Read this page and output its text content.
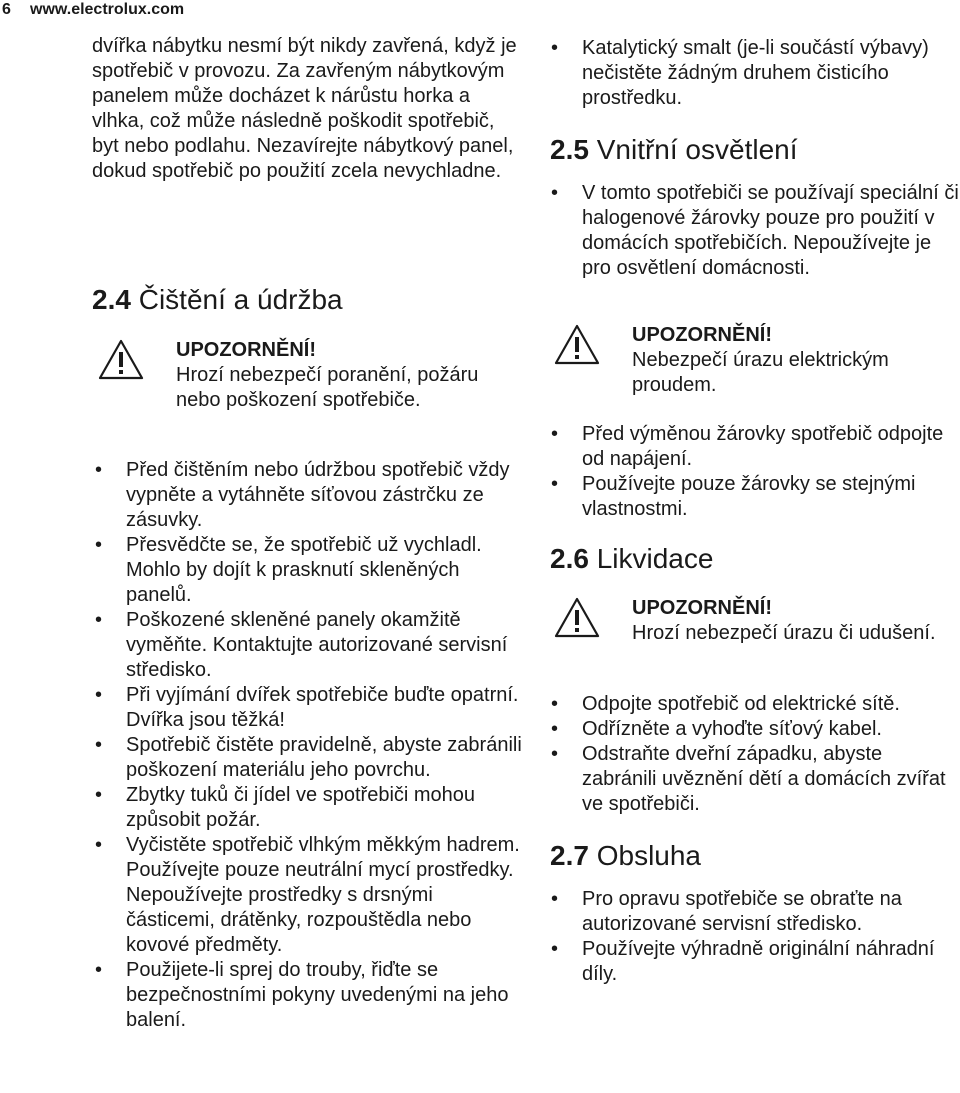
6 www.electrolux.com

dvířka nábytku nesmí být nikdy zavřená, když je spotřebič v provozu. Za zavřeným nábytkovým panelem může docházet k nárůstu horka a vlhka, což může následně poškodit spotřebič, byt nebo podlahu. Nezavírejte nábytkový panel, dokud spotřebič po použití zcela nevychladne.

2.4 Čištění a údržba
UPOZORNĚNÍ!
Hrozí nebezpečí poranění, požáru nebo poškození spotřebiče.
• Před čištěním nebo údržbou spotřebič vždy vypněte a vytáhněte síťovou zástrčku ze zásuvky.
• Přesvědčte se, že spotřebič už vychladl. Mohlo by dojít k prasknutí skleněných panelů.
• Poškozené skleněné panely okamžitě vyměňte. Kontaktujte autorizované servisní středisko.
• Při vyjímání dvířek spotřebiče buďte opatrní. Dvířka jsou těžká!
• Spotřebič čistěte pravidelně, abyste zabránili poškození materiálu jeho povrchu.
• Zbytky tuků či jídel ve spotřebiči mohou způsobit požár.
• Vyčistěte spotřebič vlhkým měkkým hadrem. Používejte pouze neutrální mycí prostředky. Nepoužívejte prostředky s drsnými částicemi, drátěnky, rozpouštědla nebo kovové předměty.
• Použijete-li sprej do trouby, řiďte se bezpečnostními pokyny uvedenými na jeho balení.
• Katalytický smalt (je-li součástí výbavy) nečistěte žádným druhem čisticího prostředku.
2.5 Vnitřní osvětlení
• V tomto spotřebiči se používají speciální či halogenové žárovky pouze pro použití v domácích spotřebičích. Nepoužívejte je pro osvětlení domácnosti.
UPOZORNĚNÍ!
Nebezpečí úrazu elektrickým proudem.
• Před výměnou žárovky spotřebič odpojte od napájení.
• Používejte pouze žárovky se stejnými vlastnostmi.
2.6 Likvidace
UPOZORNĚNÍ!
Hrozí nebezpečí úrazu či udušení.
• Odpojte spotřebič od elektrické sítě.
• Odřízněte a vyhoďte síťový kabel.
• Odstraňte dveřní západku, abyste zabránili uvěznění dětí a domácích zvířat ve spotřebiči.
2.7 Obsluha
• Pro opravu spotřebiče se obraťte na autorizované servisní středisko.
• Používejte výhradně originální náhradní díly.
